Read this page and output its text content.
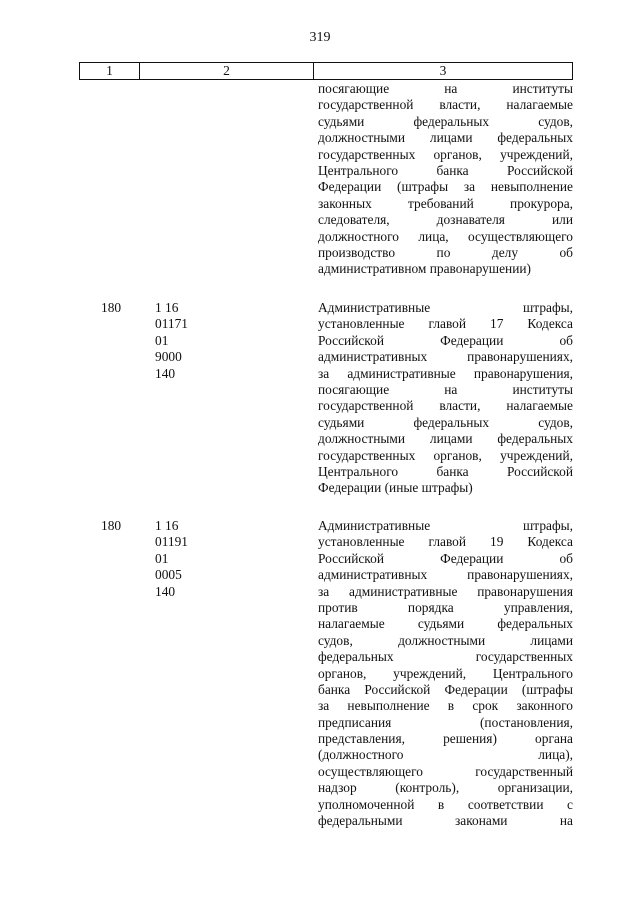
319
1	2	3
посягающие на институты
государственной власти, налагаемые
судьями федеральных судов,
должностными лицами федеральных
государственных органов, учреждений,
Центрального банка Российской
Федерации (штрафы за невыполнение
законных требований прокурора,
следователя, дознавателя или
должностного лица, осуществляющего
производство по делу об
административном правонарушении)
180	1 16 01171 01 9000 140
Административные штрафы,
установленные главой 17 Кодекса
Российской Федерации об
административных правонарушениях,
за административные правонарушения,
посягающие на институты
государственной власти, налагаемые
судьями федеральных судов,
должностными лицами федеральных
государственных органов, учреждений,
Центрального банка Российской
Федерации (иные штрафы)
180	1 16 01191 01 0005 140
Административные штрафы,
установленные главой 19 Кодекса
Российской Федерации об
административных правонарушениях,
за административные правонарушения
против порядка управления,
налагаемые судьями федеральных
судов, должностными лицами
федеральных государственных
органов, учреждений, Центрального
банка Российской Федерации (штрафы
за невыполнение в срок законного
предписания (постановления,
представления, решения) органа
(должностного лица),
осуществляющего государственный
надзор (контроль), организации,
уполномоченной в соответствии с
федеральными законами на
